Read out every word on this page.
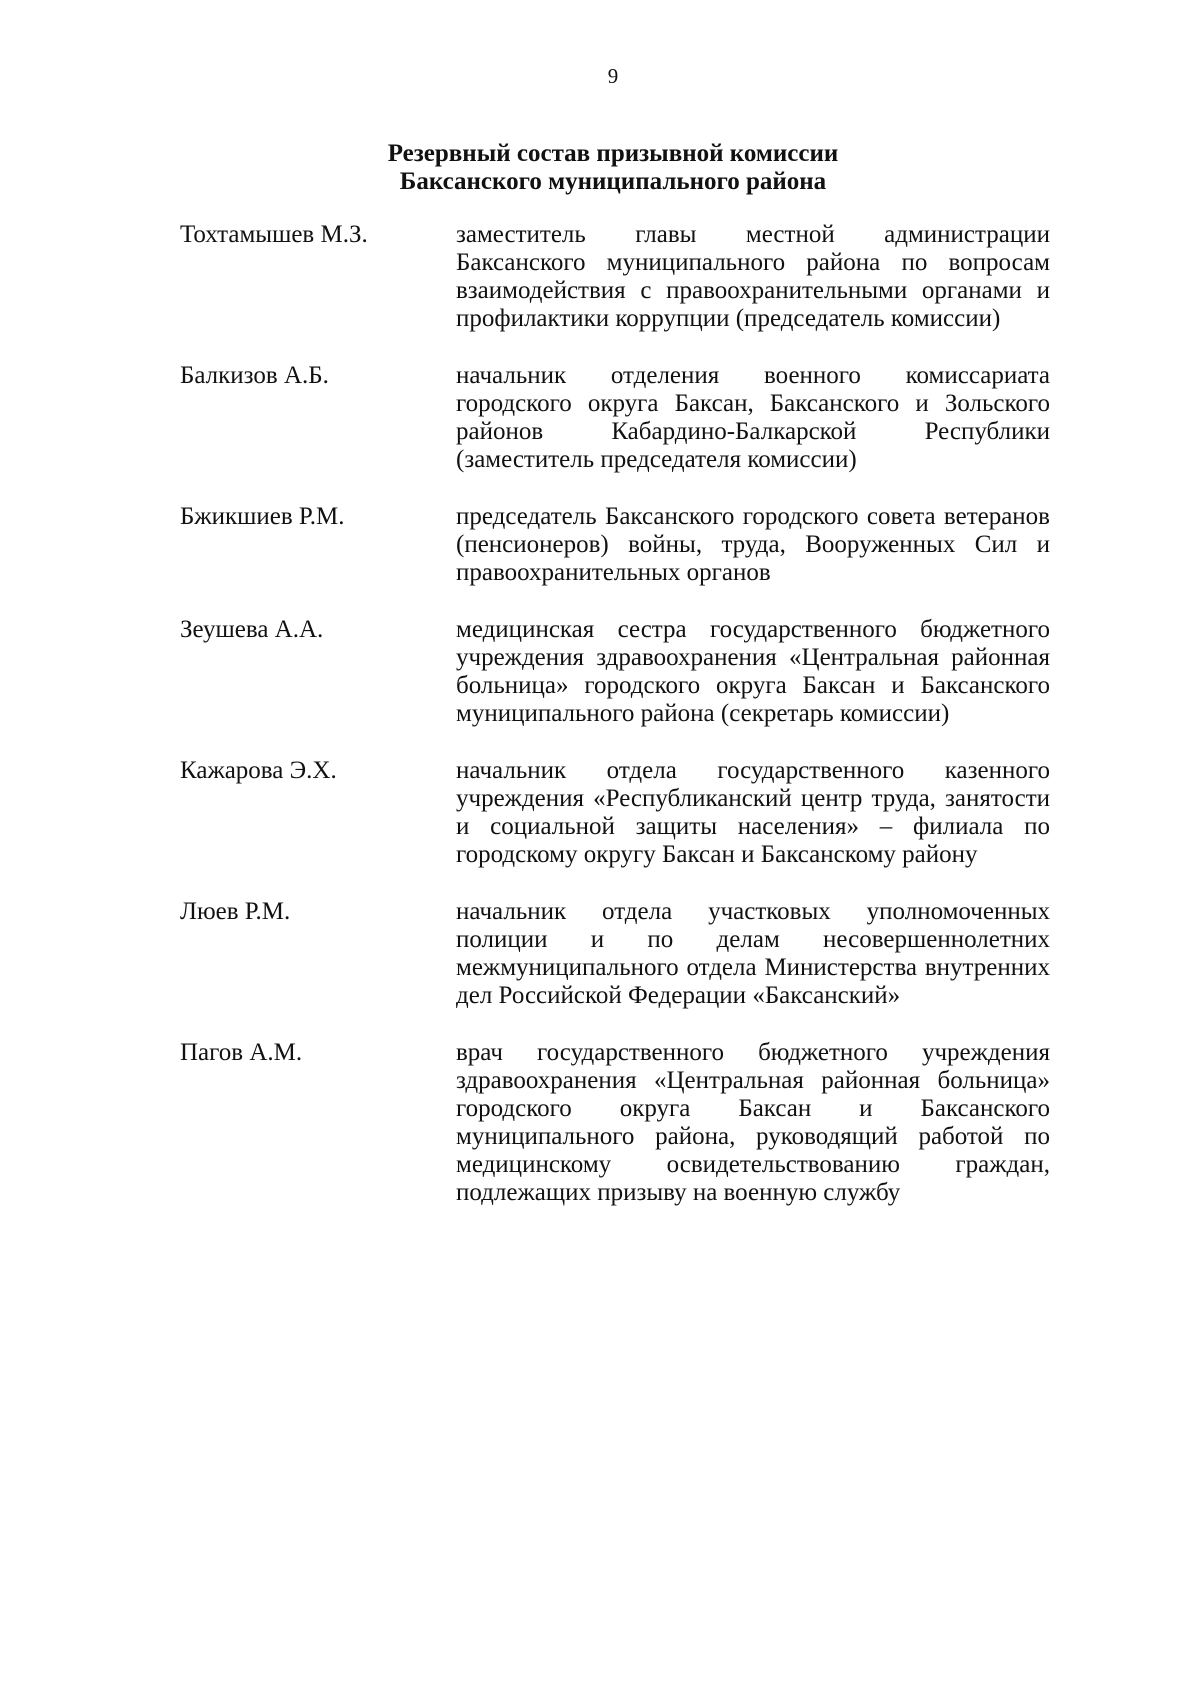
9
Резервный состав призывной комиссии
Баксанского муниципального района
Тохтамышев М.З.	заместитель главы местной администрации Баксанского муниципального района по вопросам взаимодействия с правоохранительными органами и профилактики коррупции (председатель комиссии)
Балкизов А.Б.	начальник отделения военного комиссариата городского округа Баксан, Баксанского и Зольского районов Кабардино-Балкарской Республики (заместитель председателя комиссии)
Бжикшиев Р.М.	председатель Баксанского городского совета ветеранов (пенсионеров) войны, труда, Вооруженных Сил и правоохранительных органов
Зеушева А.А.	медицинская сестра государственного бюджетного учреждения здравоохранения «Центральная районная больница» городского округа Баксан и Баксанского муниципального района (секретарь комиссии)
Кажарова Э.Х.	начальник отдела государственного казенного учреждения «Республиканский центр труда, занятости и социальной защиты населения» – филиала по городскому округу Баксан и Баксанскому району
Люев Р.М.	начальник отдела участковых уполномоченных полиции и по делам несовершеннолетних межмуниципального отдела Министерства внутренних дел Российской Федерации «Баксанский»
Пагов А.М.	врач государственного бюджетного учреждения здравоохранения «Центральная районная больница» городского округа Баксан и Баксанского муниципального района, руководящий работой по медицинскому освидетельствованию граждан, подлежащих призыву на военную службу
